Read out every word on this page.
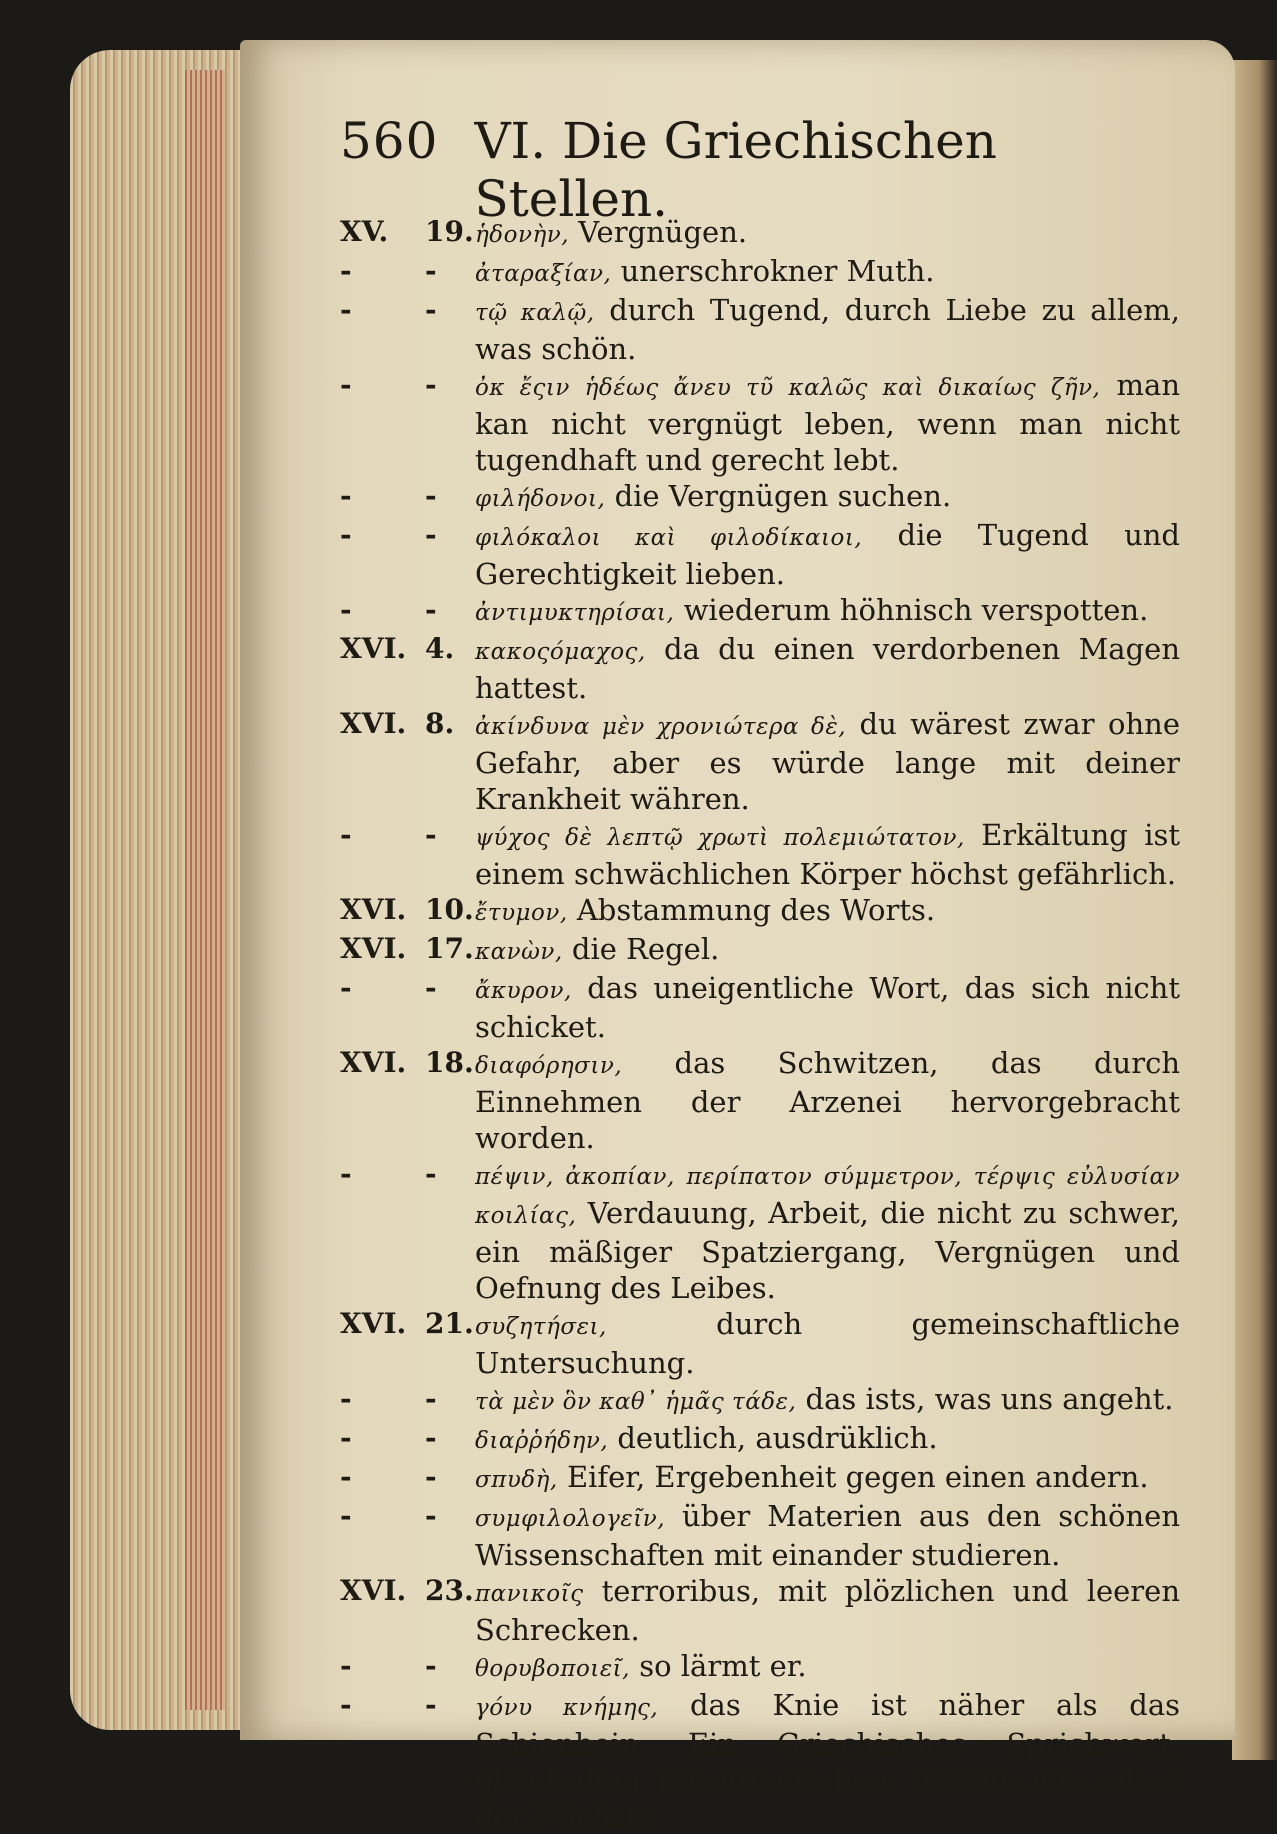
560 VI. Die Griechischen Stellen.
XV.	19. ἡδονὴν, Vergnügen.
-	-	ἀταραξίαν, unerschrokner Muth.
-	-	τῷ καλῷ, durch Tugend, durch Liebe zu allem, was schön.
-	-	ὀκ ἔςιν ἡδέως ἄνευ τῦ καλῶς καὶ δικαίως ζῆν, man kan nicht vergnügt leben, wenn man nicht tugendhaft und gerecht lebt.
-	-	φιλήδονοι, die Vergnügen suchen.
-	-	φιλόκαλοι καὶ φιλοδίκαιοι, die Tugend und Gerechtigkeit lieben.
-	-	ἀντιμυκτηρίσαι, wiederum höhnisch verspotten.
XVI. 4. κακοςόμαχος, da du einen verdorbenen Magen hattest.
XVI. 8. ἀκίνδυνα μὲν χρονιώτερα δὲ, du wärest zwar ohne Gefahr, aber es würde lange mit deiner Krankheit währen.
-	-	ψύχος δὲ λεπτῷ χρωτὶ πολεμιώτατον, Erkältung ist einem schwächlichen Körper höchst gefährlich.
XVI. 10. ἔτυμον, Abstammung des Worts.
XVI. 17. κανὼν, die Regel.
-	-	ἄκυρον, das uneigentliche Wort, das sich nicht schicket.
XVI. 18. διαφόρησιν, das Schwitzen, das durch Einnehmen der Arzenei hervorgebracht worden.
-	-	πέψιν, ἀκοπίαν, περίπατον σύμμετρον, τέρψις εὐλυσίαν κοιλίας, Verdauung, Arbeit, die nicht zu schwer, ein mäßiger Spatziergang, Vergnügen und Oefnung des Leibes.
XVI. 21. συζητήσει,	durch gemeinschaftliche Untersuchung.
-	-	τὰ μὲν ὃν καθ᾽ ἡμᾶς τάδε, das ists, was uns angeht.
-	-	διαῤῥήδην, deutlich, ausdrüklich.
-	-	σπυδὴ, Eifer, Ergebenheit gegen einen andern.
-	-	συμφιλολογεῖν, über Materien aus den schönen Wissenschaften mit einander studieren.
XVI. 23. πανικοῖς terroribus, mit plözlichen und leeren Schrecken.
-	-	θορυβοποιεῖ, so lärmt er.
-	-	γόνυ κνήμης, das Knie ist näher als das Schienbein. Ein Griechisches Sprichwort, gleich dem Terentianischen: Ich bin mir selbst der Nächste.
